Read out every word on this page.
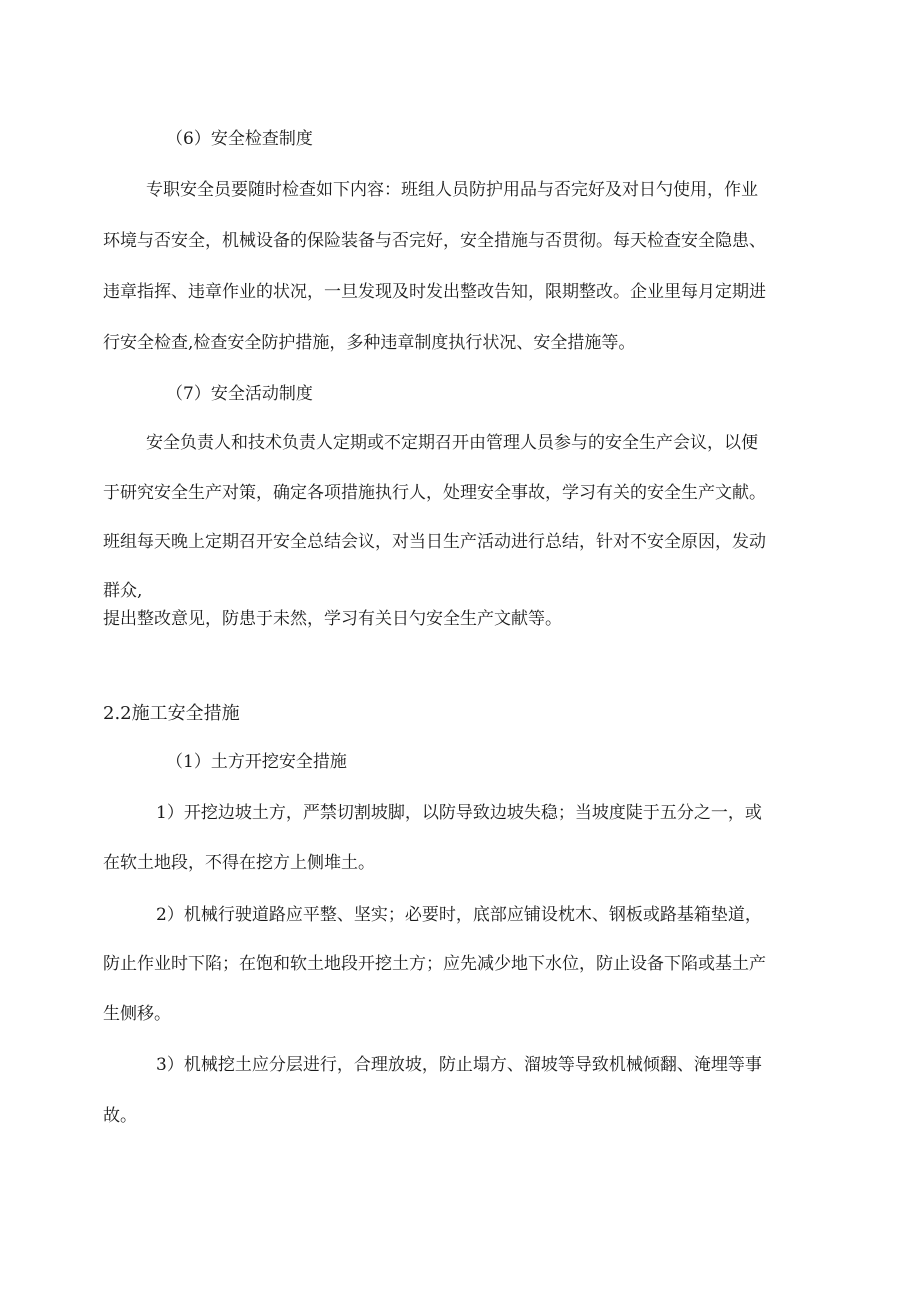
（6）安全检查制度
专职安全员要随时检查如下内容：班组人员防护用品与否完好及对日勺使用，作业
环境与否安全，机械设备的保险装备与否完好，安全措施与否贯彻。每天检查安全隐患、
违章指挥、违章作业的状况，一旦发现及时发出整改告知，限期整改。企业里每月定期进
行安全检查,检查安全防护措施，多种违章制度执行状况、安全措施等。
（7）安全活动制度
安全负责人和技术负责人定期或不定期召开由管理人员参与的安全生产会议，以便
于研究安全生产对策，确定各项措施执行人，处理安全事故，学习有关的安全生产文献。
班组每天晚上定期召开安全总结会议，对当日生产活动进行总结，针对不安全原因，发动
群众,
提出整改意见，防患于未然，学习有关日勺安全生产文献等。
2.2施工安全措施
（1）土方开挖安全措施
1）开挖边坡土方，严禁切割坡脚，以防导致边坡失稳；当坡度陡于五分之一，或
在软土地段，不得在挖方上侧堆土。
2）机械行驶道路应平整、坚实；必要时，底部应铺设枕木、钢板或路基箱垫道，
防止作业时下陷；在饱和软土地段开挖土方；应先减少地下水位，防止设备下陷或基土产
生侧移。
3）机械挖土应分层进行，合理放坡，防止塌方、溜坡等导致机械倾翻、淹埋等事
故。
